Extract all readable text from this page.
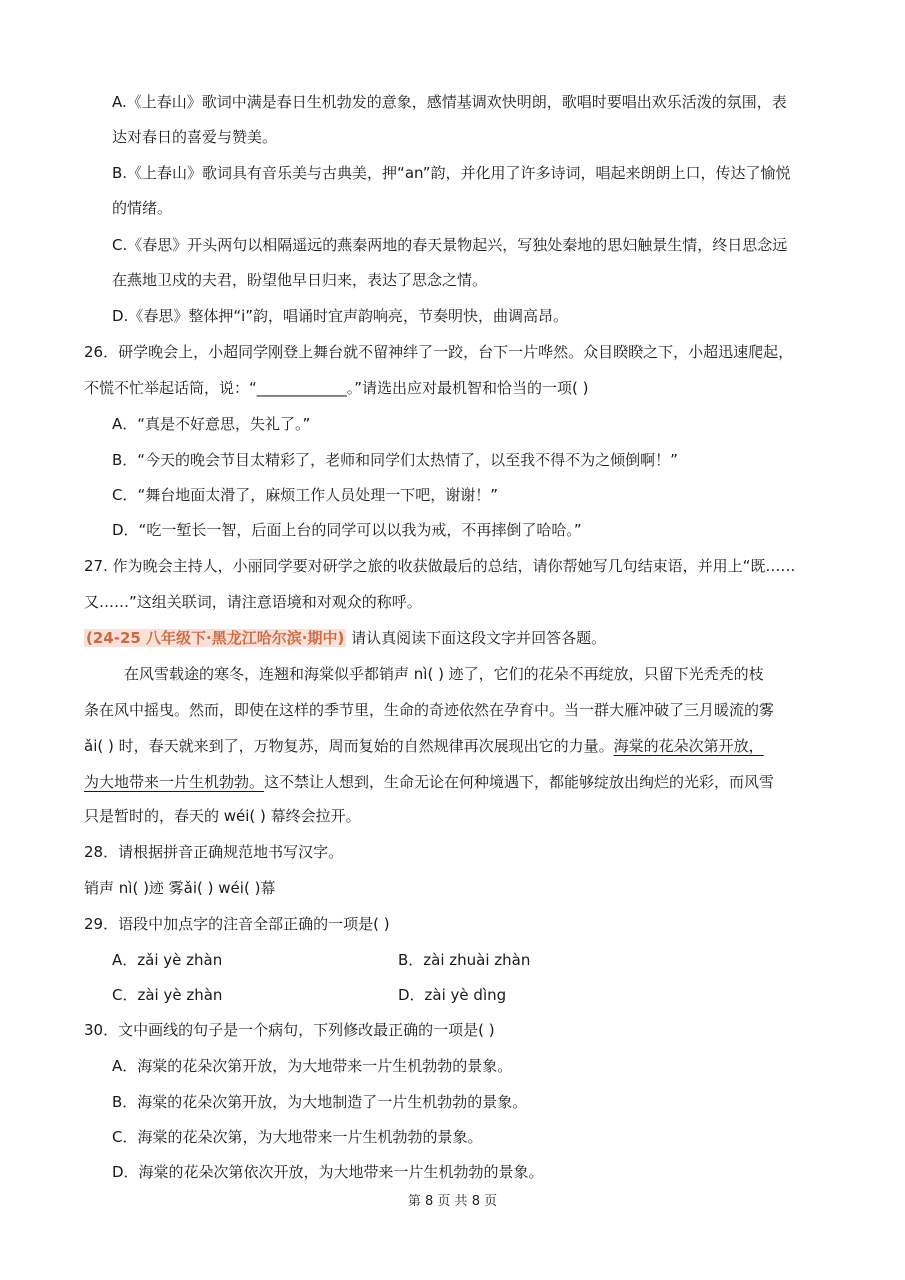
A.《上春山》歌词中满是春日生机勃发的意象，感情基调欢快明朗，歌唱时要唱出欢乐活泼的氛围，表
达对春日的喜爱与赞美。
B.《上春山》歌词具有音乐美与古典美，押“an”韵，并化用了许多诗词，唱起来朗朗上口，传达了愉悦
的情绪。
C.《春思》开头两句以相隔遥远的燕秦两地的春天景物起兴，写独处秦地的思妇触景生情，终日思念远
在燕地卫戍的夫君，盼望他早日归来，表达了思念之情。
D.《春思》整体押“i”韵，唱诵时宜声韵响亮，节奏明快，曲调高昂。
26．研学晚会上，小超同学刚登上舞台就不留神绊了一跤，台下一片哗然。众目睽睽之下，小超迅速爬起，
不慌不忙举起话筒，说：“____________。”请选出应对最机智和恰当的一项( )
A．“真是不好意思，失礼了。”
B．“今天的晚会节目太精彩了，老师和同学们太热情了，以至我不得不为之倾倒啊！”
C．“舞台地面太滑了，麻烦工作人员处理一下吧，谢谢！”
D．“吃一堑长一智，后面上台的同学可以以我为戒，不再摔倒了哈哈。”
27. 作为晚会主持人，小丽同学要对研学之旅的收获做最后的总结，请你帮她写几句结束语，并用上“既……
又……”这组关联词，请注意语境和对观众的称呼。
(24-25 八年级下·黑龙江哈尔滨·期中) 请认真阅读下面这段文字并回答各题。
在风雪载途的寒冬，连翘和海棠似乎都销声 nì( ) 迹了，它们的花朵不再绽放，只留下光秃秃的枝
条在风中摇曳。然而，即使在这样的季节里，生命的奇迹依然在孕育中。当一群大雁冲破了三月暖流的雾
ǎi( ) 时，春天就来到了，万物复苏，周而复始的自然规律再次展现出它的力量。海棠的花朵次第开放，
为大地带来一片生机勃勃。这不禁让人想到，生命无论在何种境遇下，都能够绽放出绚烂的光彩，而风雪
只是暂时的，春天的 wéi( ) 幕终会拉开。
28．请根据拼音正确规范地书写汉字。
销声 nì( )迹 雾ǎi( ) wéi( )幕
29．语段中加点字的注音全部正确的一项是( )
A．zǎi yè zhàn	B．zài zhuài zhàn
C．zài yè zhàn	D．zài yè dìng
30．文中画线的句子是一个病句，下列修改最正确的一项是( )
A．海棠的花朵次第开放，为大地带来一片生机勃勃的景象。
B．海棠的花朵次第开放，为大地制造了一片生机勃勃的景象。
C．海棠的花朵次第，为大地带来一片生机勃勃的景象。
D．海棠的花朵次第依次开放，为大地带来一片生机勃勃的景象。
第 8 页 共 8 页
